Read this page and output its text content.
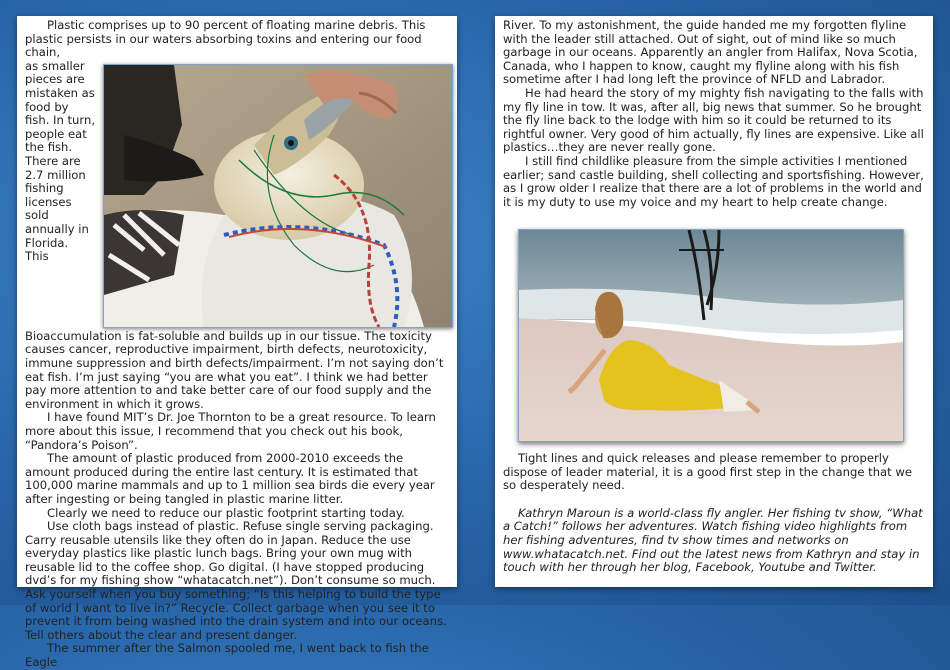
Plastic comprises up to 90 percent of floating marine debris. This plastic persists in our waters absorbing toxins and entering our food chain,

as smaller pieces are mistaken as food by fish. In turn, people eat the fish. There are 2.7 million fishing licenses sold annually in Florida. This Bioaccumulation is fat-soluble and builds up in our tissue. The toxicity causes cancer, reproductive impairment, birth defects, neurotoxicity, immune suppression and birth defects/impairment. I’m not saying don’t eat fish. I’m just saying “you are what you eat”. I think we had better pay more attention to and take better care of our food supply and the environment in which it grows.

I have found MIT’s Dr. Joe Thornton to be a great resource. To learn more about this issue, I recommend that you check out his book, “Pandora’s Poison”.

The amount of plastic produced from 2000-2010 exceeds the amount produced during the entire last century. It is estimated that 100,000 marine mammals and up to 1 million sea birds die every year after ingesting or being tangled in plastic marine litter.

Clearly we need to reduce our plastic footprint starting today.

Use cloth bags instead of plastic. Refuse single serving packaging. Carry reusable utensils like they often do in Japan. Reduce the use everyday plastics like plastic lunch bags. Bring your own mug with reusable lid to the coffee shop. Go digital. (I have stopped producing dvd’s for my fishing show “whatacatch.net”). Don’t consume so much. Ask yourself when you buy something; “Is this helping to build the type of world I want to live in?” Recycle. Collect garbage when you see it to prevent it from being washed into the drain system and into our oceans. Tell others about the clear and present danger.

The summer after the Salmon spooled me, I went back to fish the Eagle

River. To my astonishment, the guide handed me my forgotten flyline with the leader still attached. Out of sight, out of mind like so much garbage in our oceans. Apparently an angler from Halifax, Nova Scotia, Canada, who I happen to know, caught my flyline along with his fish sometime after I had long left the province of NFLD and Labrador.

He had heard the story of my mighty fish navigating to the falls with my fly line in tow. It was, after all, big news that summer. So he brought the fly line back to the lodge with him so it could be returned to its rightful owner. Very good of him actually, fly lines are expensive. Like all plastics…they are never really gone.

I still find childlike pleasure from the simple activities I mentioned earlier; sand castle building, shell collecting and sportsfishing. However, as I grow older I realize that there are a lot of problems in the world and it is my duty to use my voice and my heart to help create change.

Tight lines and quick releases and please remember to properly dispose of leader material, it is a good first step in the change that we so desperately need.

Kathryn Maroun is a world-class fly angler. Her fishing tv show, “What a Catch!” follows her adventures. Watch fishing video highlights from her fishing adventures, find tv show times and networks on www.whatacatch.net. Find out the latest news from Kathryn and stay in touch with her through her blog, Facebook, Youtube and Twitter.
